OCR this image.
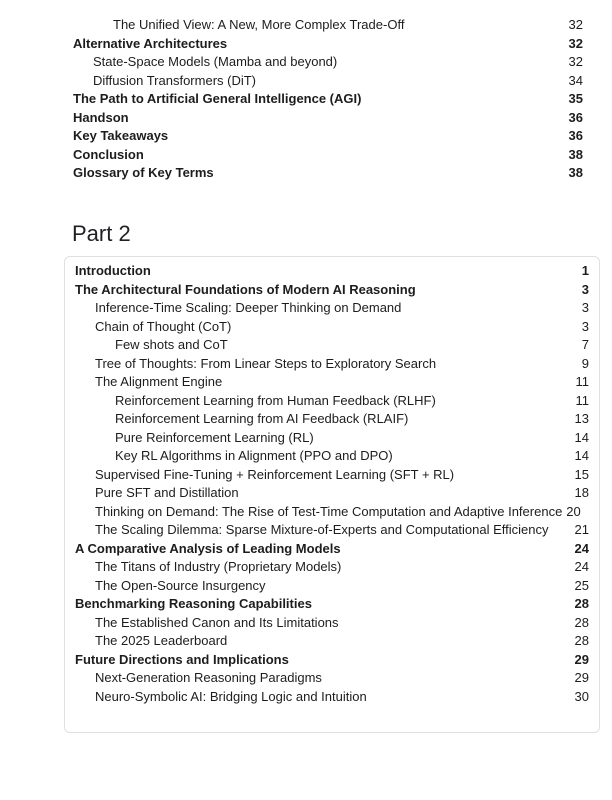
The Unified View: A New, More Complex Trade-Off	32
Alternative Architectures	32
State-Space Models (Mamba and beyond)	32
Diffusion Transformers (DiT)	34
The Path to Artificial General Intelligence (AGI)	35
Handson	36
Key Takeaways	36
Conclusion	38
Glossary of Key Terms	38
Part 2
Introduction	1
The Architectural Foundations of Modern AI Reasoning	3
Inference-Time Scaling: Deeper Thinking on Demand	3
Chain of Thought (CoT)	3
Few shots and CoT	7
Tree of Thoughts: From Linear Steps to Exploratory Search	9
The Alignment Engine	11
Reinforcement Learning from Human Feedback (RLHF)	11
Reinforcement Learning from AI Feedback (RLAIF)	13
Pure Reinforcement Learning (RL)	14
Key RL Algorithms in Alignment (PPO and DPO)	14
Supervised Fine-Tuning + Reinforcement Learning (SFT + RL)	15
Pure SFT and Distillation	18
Thinking on Demand: The Rise of Test-Time Computation and Adaptive Inference 20
The Scaling Dilemma: Sparse Mixture-of-Experts and Computational Efficiency	21
A Comparative Analysis of Leading Models	24
The Titans of Industry (Proprietary Models)	24
The Open-Source Insurgency	25
Benchmarking Reasoning Capabilities	28
The Established Canon and Its Limitations	28
The 2025 Leaderboard	28
Future Directions and Implications	29
Next-Generation Reasoning Paradigms	29
Neuro-Symbolic AI: Bridging Logic and Intuition	30
